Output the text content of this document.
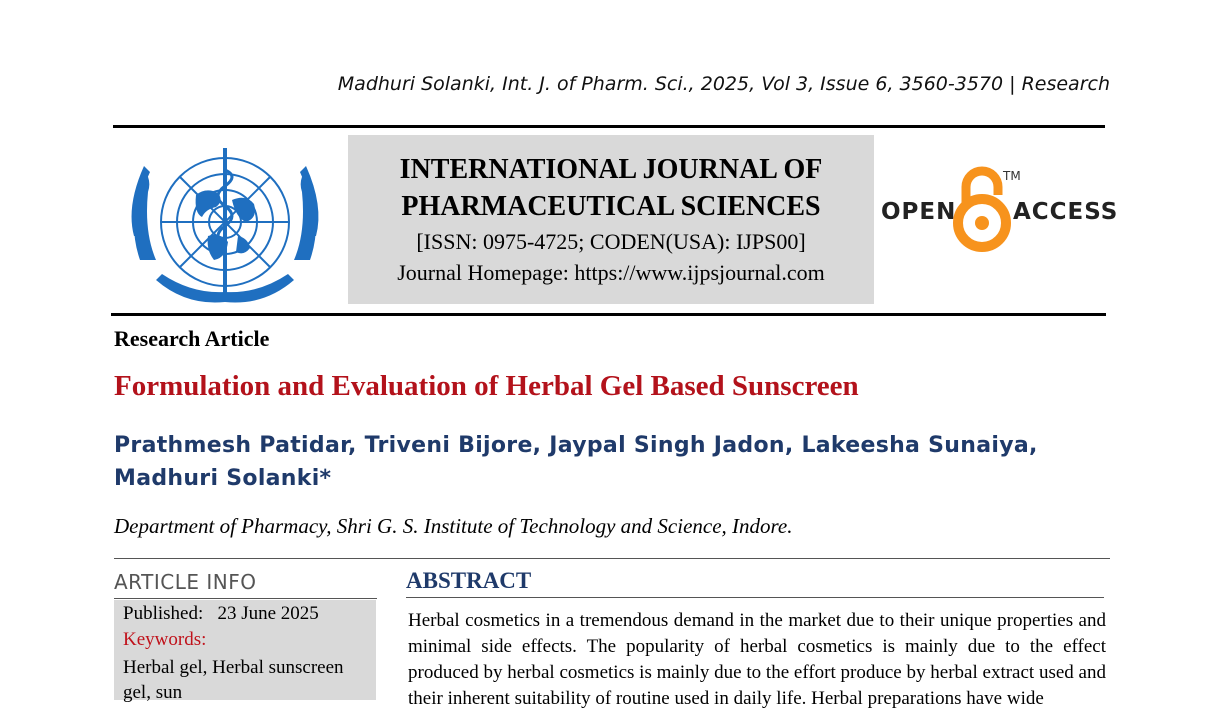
Madhuri Solanki, Int. J. of Pharm. Sci., 2025, Vol 3, Issue 6, 3560-3570 | Research
INTERNATIONAL JOURNAL OF PHARMACEUTICAL SCIENCES
[ISSN: 0975-4725; CODEN(USA): IJPS00]
Journal Homepage: https://www.ijpsjournal.com
OPEN
TM
ACCESS
Research Article
Formulation and Evaluation of Herbal Gel Based Sunscreen
Prathmesh Patidar, Triveni Bijore, Jaypal Singh Jadon, Lakeesha Sunaiya, Madhuri Solanki*
Department of Pharmacy, Shri G. S. Institute of Technology and Science, Indore.
ARTICLE INFO
Published:   23 June 2025
Keywords:
Herbal gel, Herbal sunscreen gel, sun
ABSTRACT
Herbal cosmetics in a tremendous demand in the market due to their unique properties and minimal side effects. The popularity of herbal cosmetics is mainly due to the effect produced by herbal cosmetics is mainly due to the effort produce by herbal extract used and their inherent suitability of routine used in daily life. Herbal preparations have wide
